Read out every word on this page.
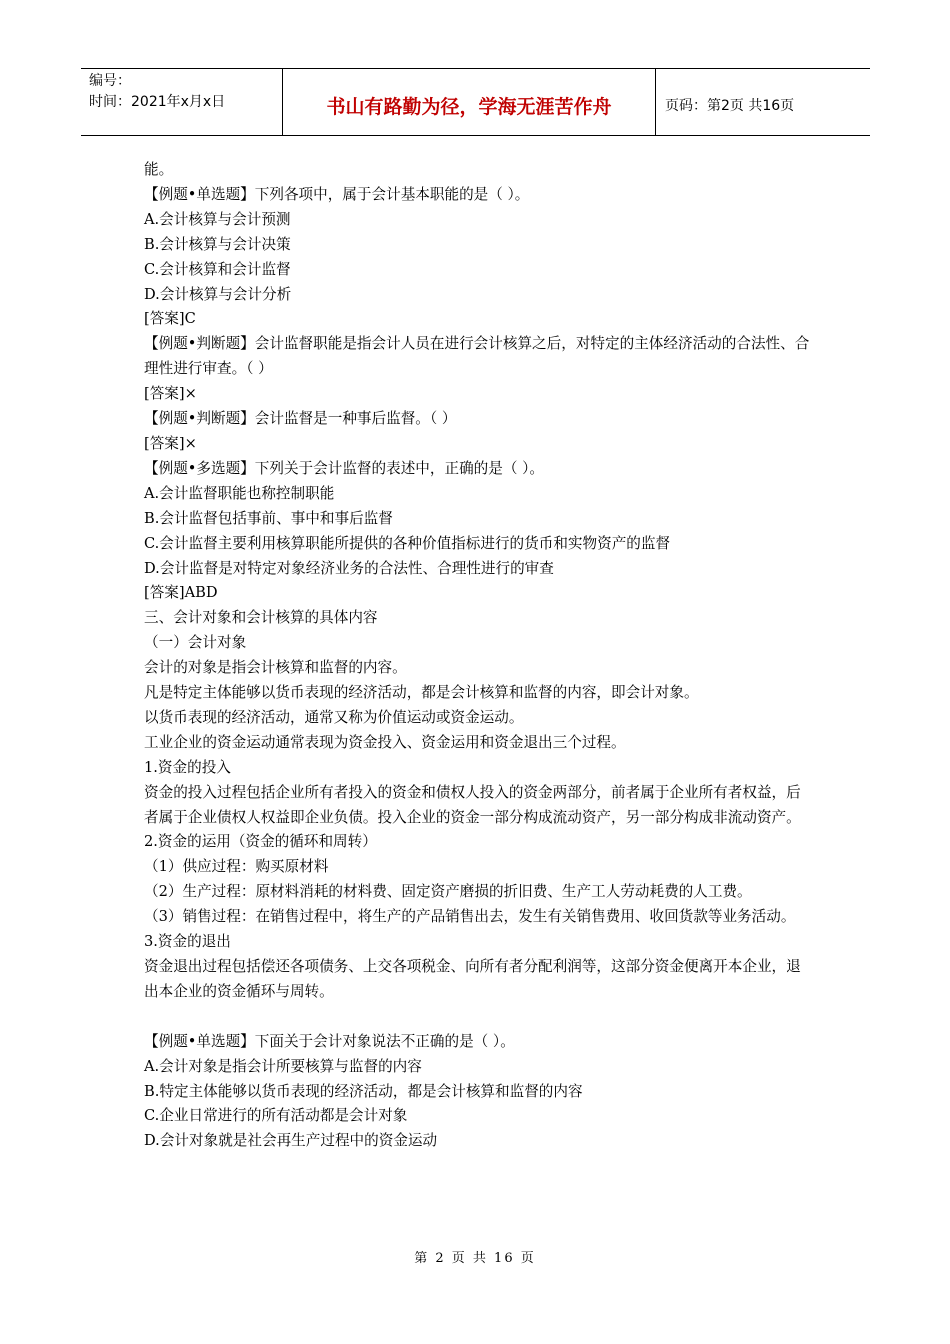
编号：
时间：2021年x月x日	书山有路勤为径，学海无涯苦作舟	页码：第2页 共16页

能。

【例题•单选题】下列各项中，属于会计基本职能的是（ ）。

A.会计核算与会计预测

B.会计核算与会计决策

C.会计核算和会计监督

D.会计核算与会计分析

[答案]C

【例题•判断题】会计监督职能是指会计人员在进行会计核算之后，对特定的主体经济活动的合法性、合理性进行审查。（ ）

[答案]×

【例题•判断题】会计监督是一种事后监督。（ ）

[答案]×

【例题•多选题】下列关于会计监督的表述中，正确的是（ ）。

A.会计监督职能也称控制职能

B.会计监督包括事前、事中和事后监督

C.会计监督主要利用核算职能所提供的各种价值指标进行的货币和实物资产的监督

D.会计监督是对特定对象经济业务的合法性、合理性进行的审查

[答案]ABD

三、会计对象和会计核算的具体内容

（一）会计对象

会计的对象是指会计核算和监督的内容。

凡是特定主体能够以货币表现的经济活动，都是会计核算和监督的内容，即会计对象。

以货币表现的经济活动，通常又称为价值运动或资金运动。

工业企业的资金运动通常表现为资金投入、资金运用和资金退出三个过程。

1.资金的投入

资金的投入过程包括企业所有者投入的资金和债权人投入的资金两部分，前者属于企业所有者权益，后者属于企业债权人权益即企业负债。投入企业的资金一部分构成流动资产，另一部分构成非流动资产。

2.资金的运用（资金的循环和周转）

（1）供应过程：购买原材料

（2）生产过程：原材料消耗的材料费、固定资产磨损的折旧费、生产工人劳动耗费的人工费。

（3）销售过程：在销售过程中，将生产的产品销售出去，发生有关销售费用、收回货款等业务活动。

3.资金的退出

资金退出过程包括偿还各项债务、上交各项税金、向所有者分配利润等，这部分资金便离开本企业，退出本企业的资金循环与周转。

【例题•单选题】下面关于会计对象说法不正确的是（ ）。

A.会计对象是指会计所要核算与监督的内容

B.特定主体能够以货币表现的经济活动，都是会计核算和监督的内容

C.企业日常进行的所有活动都是会计对象

D.会计对象就是社会再生产过程中的资金运动

第 2 页 共 16 页
